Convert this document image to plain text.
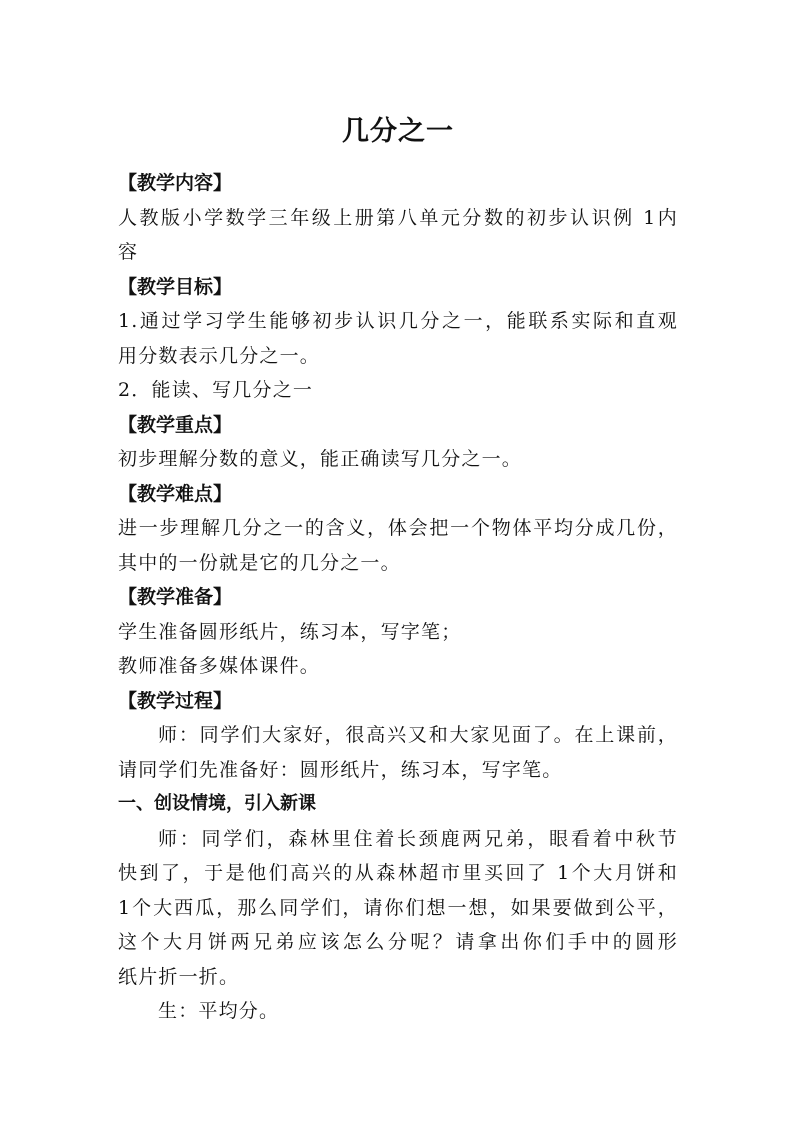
几分之一
【教学内容】
人教版小学数学三年级上册第八单元分数的初步认识例 1内
容
【教学目标】
1.通过学习学生能够初步认识几分之一，能联系实际和直观
用分数表示几分之一。
2．能读、写几分之一
【教学重点】
初步理解分数的意义，能正确读写几分之一。
【教学难点】
进一步理解几分之一的含义，体会把一个物体平均分成几份，
其中的一份就是它的几分之一。
【教学准备】
学生准备圆形纸片，练习本，写字笔；
教师准备多媒体课件。
【教学过程】
师：同学们大家好，很高兴又和大家见面了。在上课前，
请同学们先准备好：圆形纸片，练习本，写字笔。
一、创设情境，引入新课
师：同学们，森林里住着长颈鹿两兄弟，眼看着中秋节
快到了，于是他们高兴的从森林超市里买回了 1个大月饼和
1个大西瓜，那么同学们，请你们想一想，如果要做到公平，
这个大月饼两兄弟应该怎么分呢？请拿出你们手中的圆形
纸片折一折。
生：平均分。
